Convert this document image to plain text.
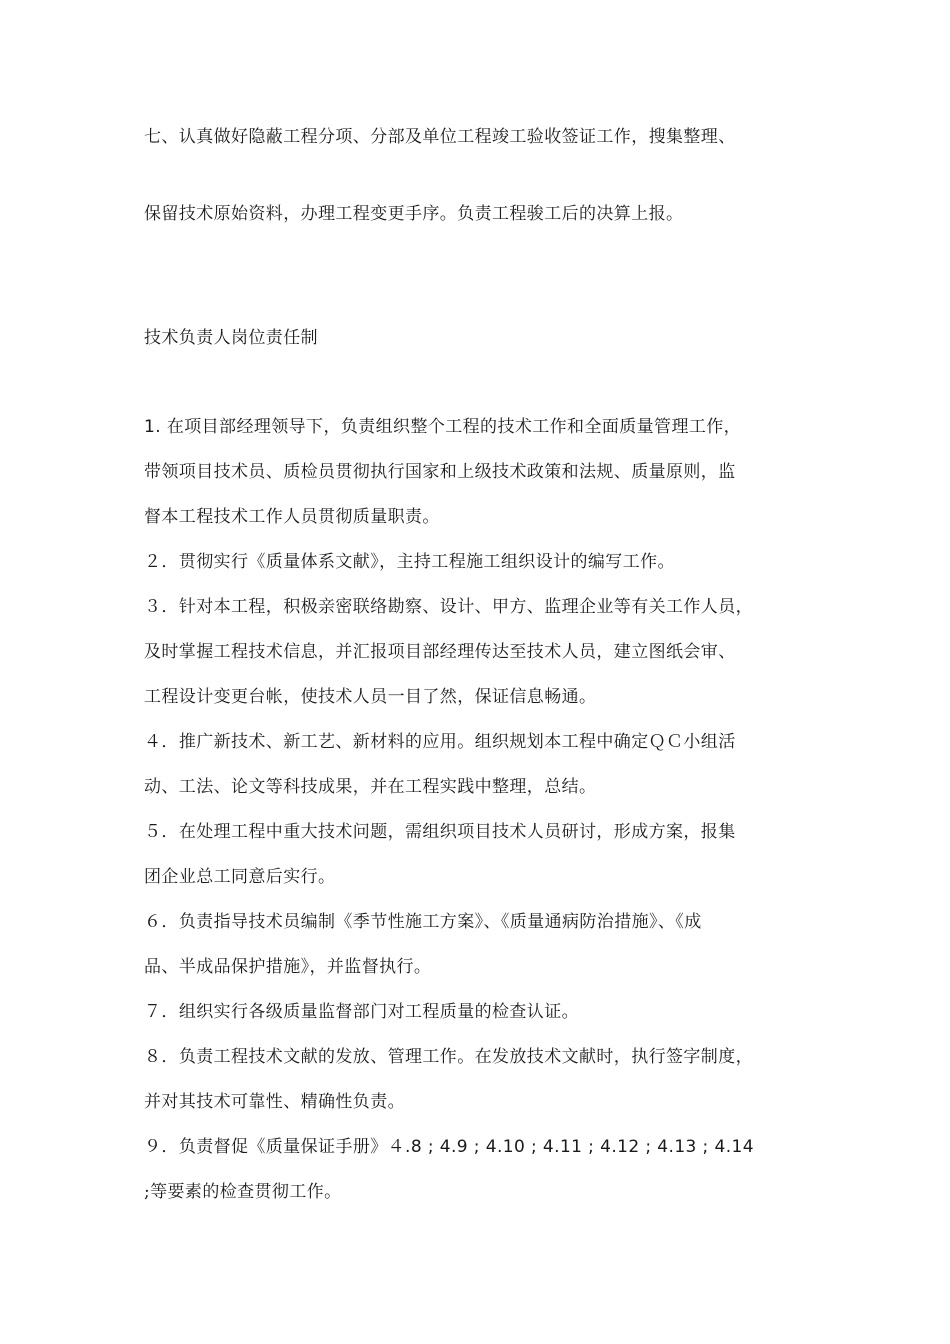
七、认真做好隐蔽工程分项、分部及单位工程竣工验收签证工作，搜集整理、
保留技术原始资料，办理工程变更手序。负责工程骏工后的决算上报。
技术负责人岗位责任制
1. 在项目部经理领导下，负责组织整个工程的技术工作和全面质量管理工作，
带领项目技术员、质检员贯彻执行国家和上级技术政策和法规、质量原则，监
督本工程技术工作人员贯彻质量职责。
２．贯彻实行《质量体系文献》，主持工程施工组织设计的编写工作。
３．针对本工程，积极亲密联络勘察、设计、甲方、监理企业等有关工作人员，
及时掌握工程技术信息，并汇报项目部经理传达至技术人员，建立图纸会审、
工程设计变更台帐，使技术人员一目了然，保证信息畅通。
４．推广新技术、新工艺、新材料的应用。组织规划本工程中确定ＱＣ小组活
动、工法、论文等科技成果，并在工程实践中整理，总结。
５．在处理工程中重大技术问题，需组织项目技术人员研讨，形成方案，报集
团企业总工同意后实行。
６．负责指导技术员编制《季节性施工方案》、《质量通病防治措施》、《成
品、半成品保护措施》，并监督执行。
７．组织实行各级质量监督部门对工程质量的检查认证。
８．负责工程技术文献的发放、管理工作。在发放技术文献时，执行签字制度，
并对其技术可靠性、精确性负责。
９．负责督促《质量保证手册》４.8 ; 4.9 ; 4.10 ; 4.11 ; 4.12 ; 4.13 ; 4.14
;等要素的检查贯彻工作。
